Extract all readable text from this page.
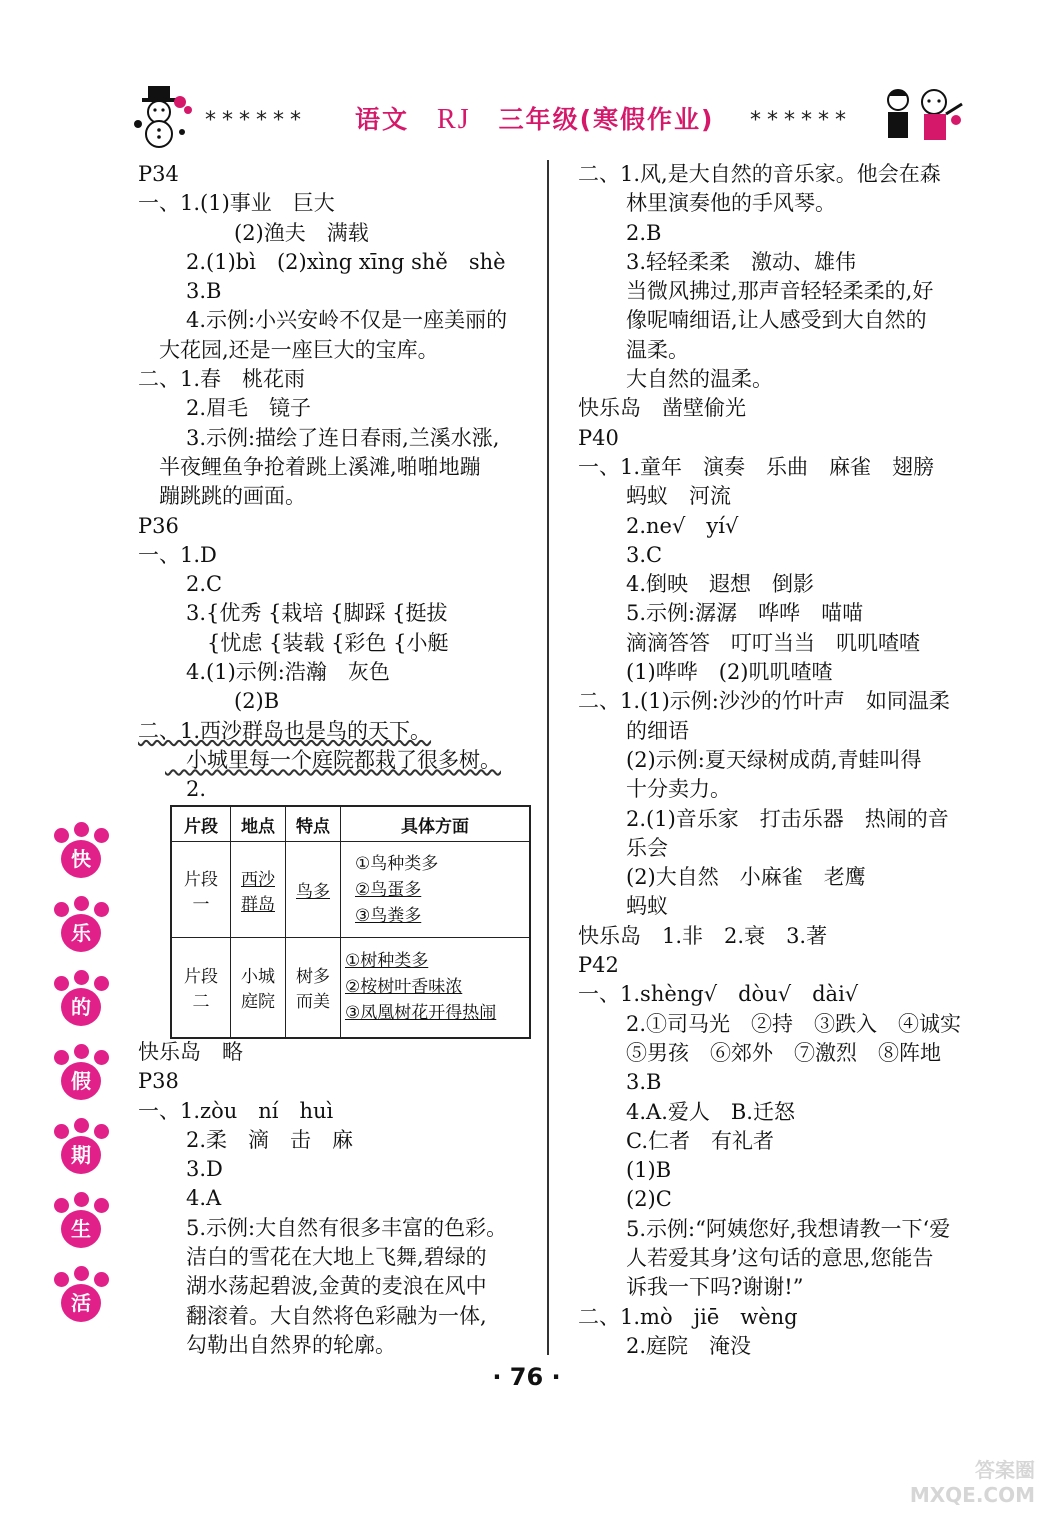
****** 语文 RJ 三年级(寒假作业)	******
P34
一、1.(1)事业　巨大
　　(2)渔夫　满载
　2.(1)bì　(2)xìng xīng shě　shè
　3.B
　4.示例:小兴安岭不仅是一座美丽的
　大花园,还是一座巨大的宝库。
二、1.春　桃花雨
　2.眉毛　镜子
　3.示例:描绘了连日春雨,兰溪水涨,
　半夜鲤鱼争抢着跳上溪滩,啪啪地蹦
　蹦跳跳的画面。
P36
一、1.D
　2.C
　3.{优秀 {栽培 {脚踩 {挺拔
　　{忧虑 {装载 {彩色 {小艇
　4.(1)示例:浩瀚　灰色
　　(2)B
二、1.西沙群岛也是鸟的天下。
　小城里每一个庭院都栽了很多树。
　2.
片段	地点	特点	具体方面
片段一	西沙群岛	鸟多	①鸟种类多
②鸟蛋多
③鸟粪多

片段二	小城庭院	树多而美	①树种类多
②桉树叶香味浓
③凤凰树花开得热闹
快乐岛　略
P38
一、1.zòu　ní　huì
　2.柔　滴　击　麻
　3.D
　4.A
　5.示例:大自然有很多丰富的色彩。
　洁白的雪花在大地上飞舞,碧绿的
　湖水荡起碧波,金黄的麦浪在风中
　翻滚着。大自然将色彩融为一体,
　勾勒出自然界的轮廓。
二、1.风,是大自然的音乐家。他会在森
　林里演奏他的手风琴。
　2.B
　3.轻轻柔柔　激动、雄伟
　当微风拂过,那声音轻轻柔柔的,好
　像呢喃细语,让人感受到大自然的
　温柔。
　大自然的温柔。
快乐岛　凿壁偷光
P40
一、1.童年　演奏　乐曲　麻雀　翅膀
　蚂蚁　河流
　2.ne√　yí√
　3.C
　4.倒映　遐想　倒影
　5.示例:潺潺　哗哗　喵喵
　滴滴答答　叮叮当当　叽叽喳喳
　(1)哗哗　(2)叽叽喳喳
二、1.(1)示例:沙沙的竹叶声　如同温柔
　的细语
　(2)示例:夏天绿树成荫,青蛙叫得
　十分卖力。
　2.(1)音乐家　打击乐器　热闹的音
　乐会
　(2)大自然　小麻雀　老鹰
　蚂蚁
快乐岛　1.非　2.衰　3.著
P42
一、1.shèng√　dòu√　dài√
　2.①司马光　②持　③跌入　④诚实
　⑤男孩　⑥郊外　⑦激烈　⑧阵地
　3.B
　4.A.爱人　B.迁怒
　C.仁者　有礼者
　(1)B
　(2)C
　5.示例:“阿姨您好,我想请教一下‘爱
　人若爱其身’这句话的意思,您能告
　诉我一下吗?谢谢!”
二、1.mò　jiē　wèng
　2.庭院　淹没
快
乐
的
假
期
生
活
· 76 ·
答案圈 MXQE.COM
